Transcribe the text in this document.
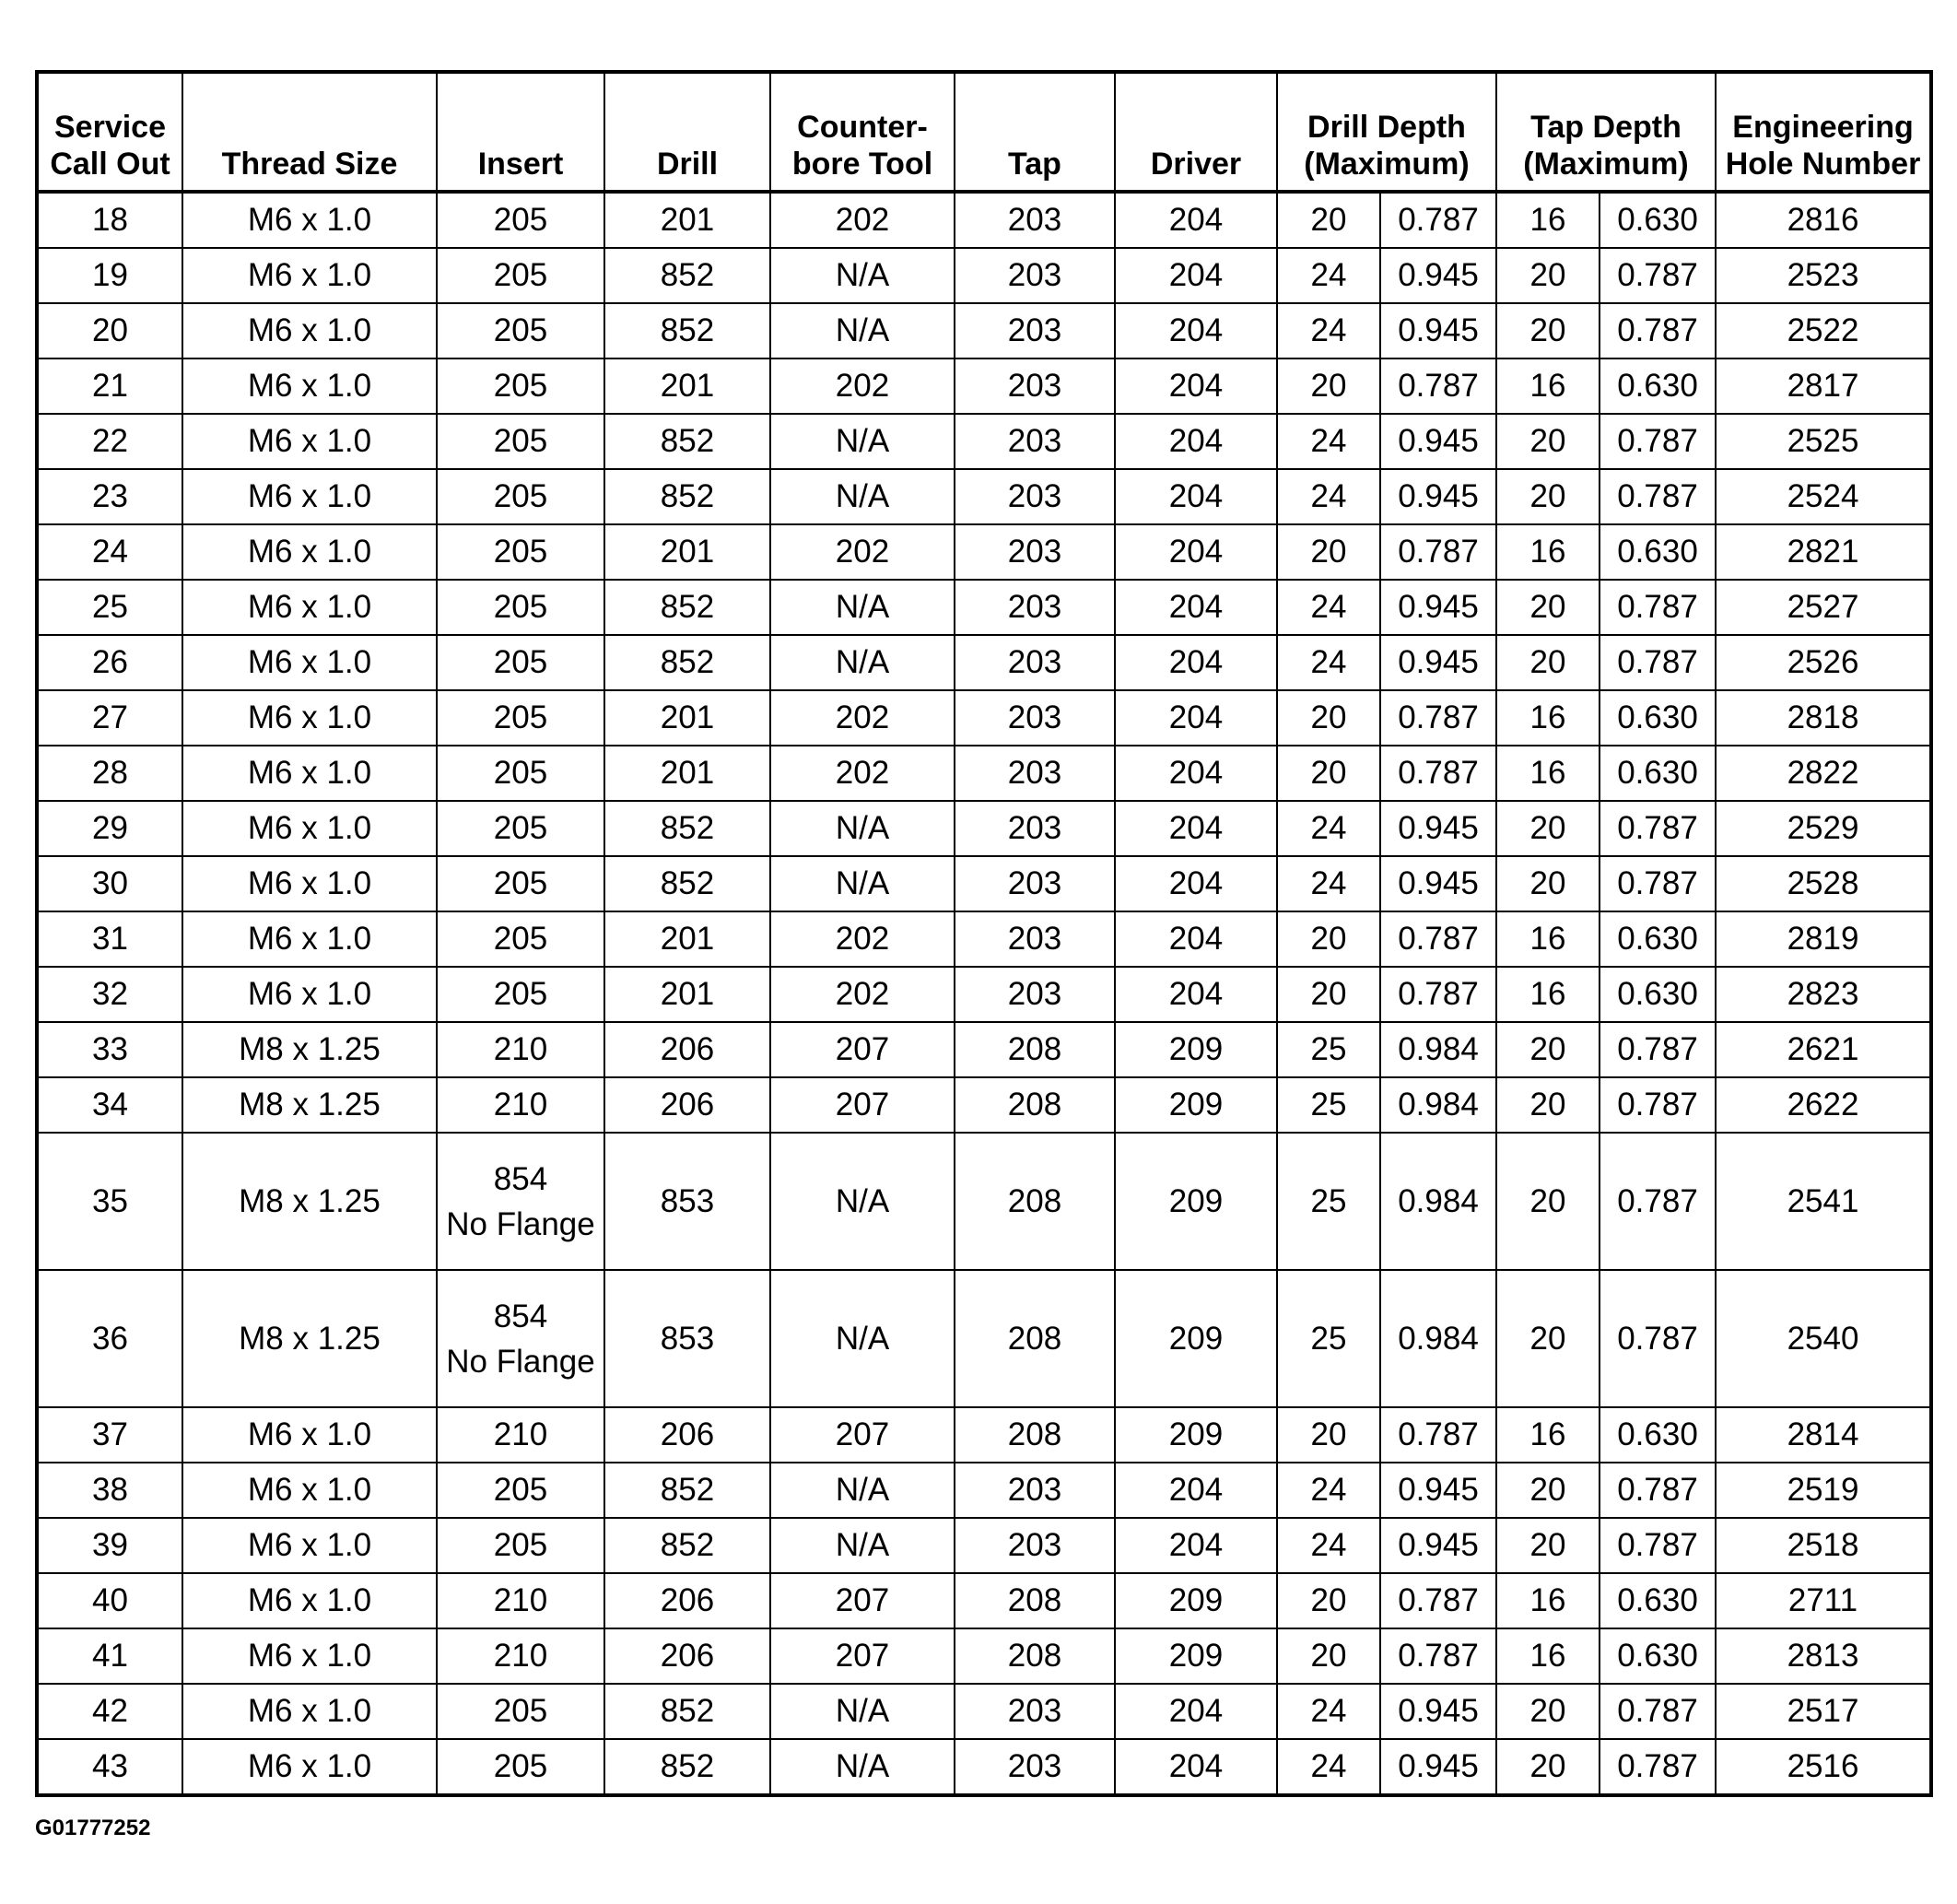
Service Call Out	Thread Size	Insert	Drill	Counter- bore Tool	Tap	Driver	Drill Depth (Maximum)		Tap Depth (Maximum)		Engineering Hole Number
18	M6 x 1.0	205	201	202	203	204	20	0.787	16	0.630	2816
19	M6 x 1.0	205	852	N/A	203	204	24	0.945	20	0.787	2523
20	M6 x 1.0	205	852	N/A	203	204	24	0.945	20	0.787	2522
21	M6 x 1.0	205	201	202	203	204	20	0.787	16	0.630	2817
22	M6 x 1.0	205	852	N/A	203	204	24	0.945	20	0.787	2525
23	M6 x 1.0	205	852	N/A	203	204	24	0.945	20	0.787	2524
24	M6 x 1.0	205	201	202	203	204	20	0.787	16	0.630	2821
25	M6 x 1.0	205	852	N/A	203	204	24	0.945	20	0.787	2527
26	M6 x 1.0	205	852	N/A	203	204	24	0.945	20	0.787	2526
27	M6 x 1.0	205	201	202	203	204	20	0.787	16	0.630	2818
28	M6 x 1.0	205	201	202	203	204	20	0.787	16	0.630	2822
29	M6 x 1.0	205	852	N/A	203	204	24	0.945	20	0.787	2529
30	M6 x 1.0	205	852	N/A	203	204	24	0.945	20	0.787	2528
31	M6 x 1.0	205	201	202	203	204	20	0.787	16	0.630	2819
32	M6 x 1.0	205	201	202	203	204	20	0.787	16	0.630	2823
33	M8 x 1.25	210	206	207	208	209	25	0.984	20	0.787	2621
34	M8 x 1.25	210	206	207	208	209	25	0.984	20	0.787	2622
35	M8 x 1.25	854
No Flange	853	N/A	208	209	25	0.984	20	0.787	2541
36	M8 x 1.25	854
No Flange	853	N/A	208	209	25	0.984	20	0.787	2540
37	M6 x 1.0	210	206	207	208	209	20	0.787	16	0.630	2814
38	M6 x 1.0	205	852	N/A	203	204	24	0.945	20	0.787	2519
39	M6 x 1.0	205	852	N/A	203	204	24	0.945	20	0.787	2518
40	M6 x 1.0	210	206	207	208	209	20	0.787	16	0.630	2711
41	M6 x 1.0	210	206	207	208	209	20	0.787	16	0.630	2813
42	M6 x 1.0	205	852	N/A	203	204	24	0.945	20	0.787	2517
43	M6 x 1.0	205	852	N/A	203	204	24	0.945	20	0.787	2516
G01777252
